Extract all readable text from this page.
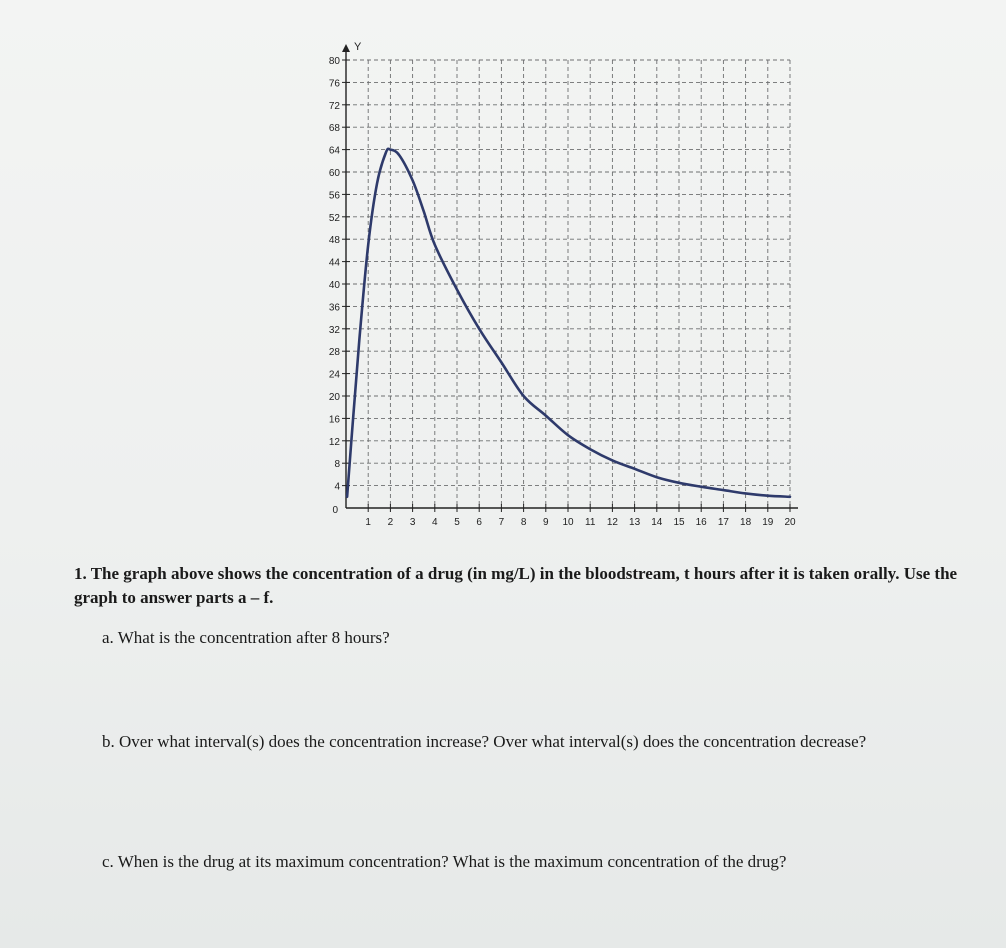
Y
4
8
12
16
20
24
28
32
36
40
44
48
52
56
60
64
68
72
76
80
1 2 3 4 5 6 7 8 9 10 11 12 13 14 15 16 17 18 19 20
0
1. The graph above shows the concentration of a drug (in mg/L) in the bloodstream, t hours after it is taken orally. Use the graph to answer parts a – f.
a. What is the concentration after 8 hours?
b. Over what interval(s) does the concentration increase? Over what interval(s) does the concentration decrease?
c. When is the drug at its maximum concentration? What is the maximum concentration of the drug?
